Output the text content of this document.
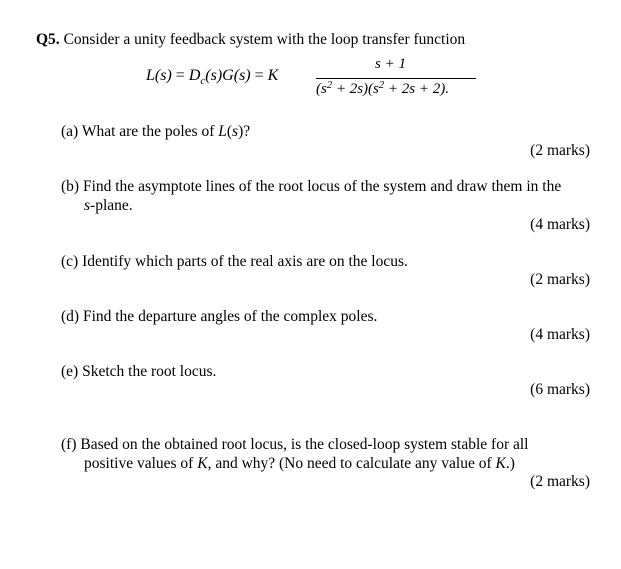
Q5. Consider a unity feedback system with the loop transfer function
$L(s) = D_c(s)G(s) = K$
s + 1
$(s^2 + 2s)(s^2 + 2s + 2)$.
(a) What are the poles of L(s)?
(2 marks)
(b) Find the asymptote lines of the root locus of the system and draw them in the
s-plane.
(4 marks)
(c) Identify which parts of the real axis are on the locus.
(2 marks)
(d) Find the departure angles of the complex poles.
(4 marks)
(e) Sketch the root locus.
(6 marks)
(f) Based on the obtained root locus, is the closed-loop system stable for all
positive values of K, and why? (No need to calculate any value of K.)
(2 marks)
